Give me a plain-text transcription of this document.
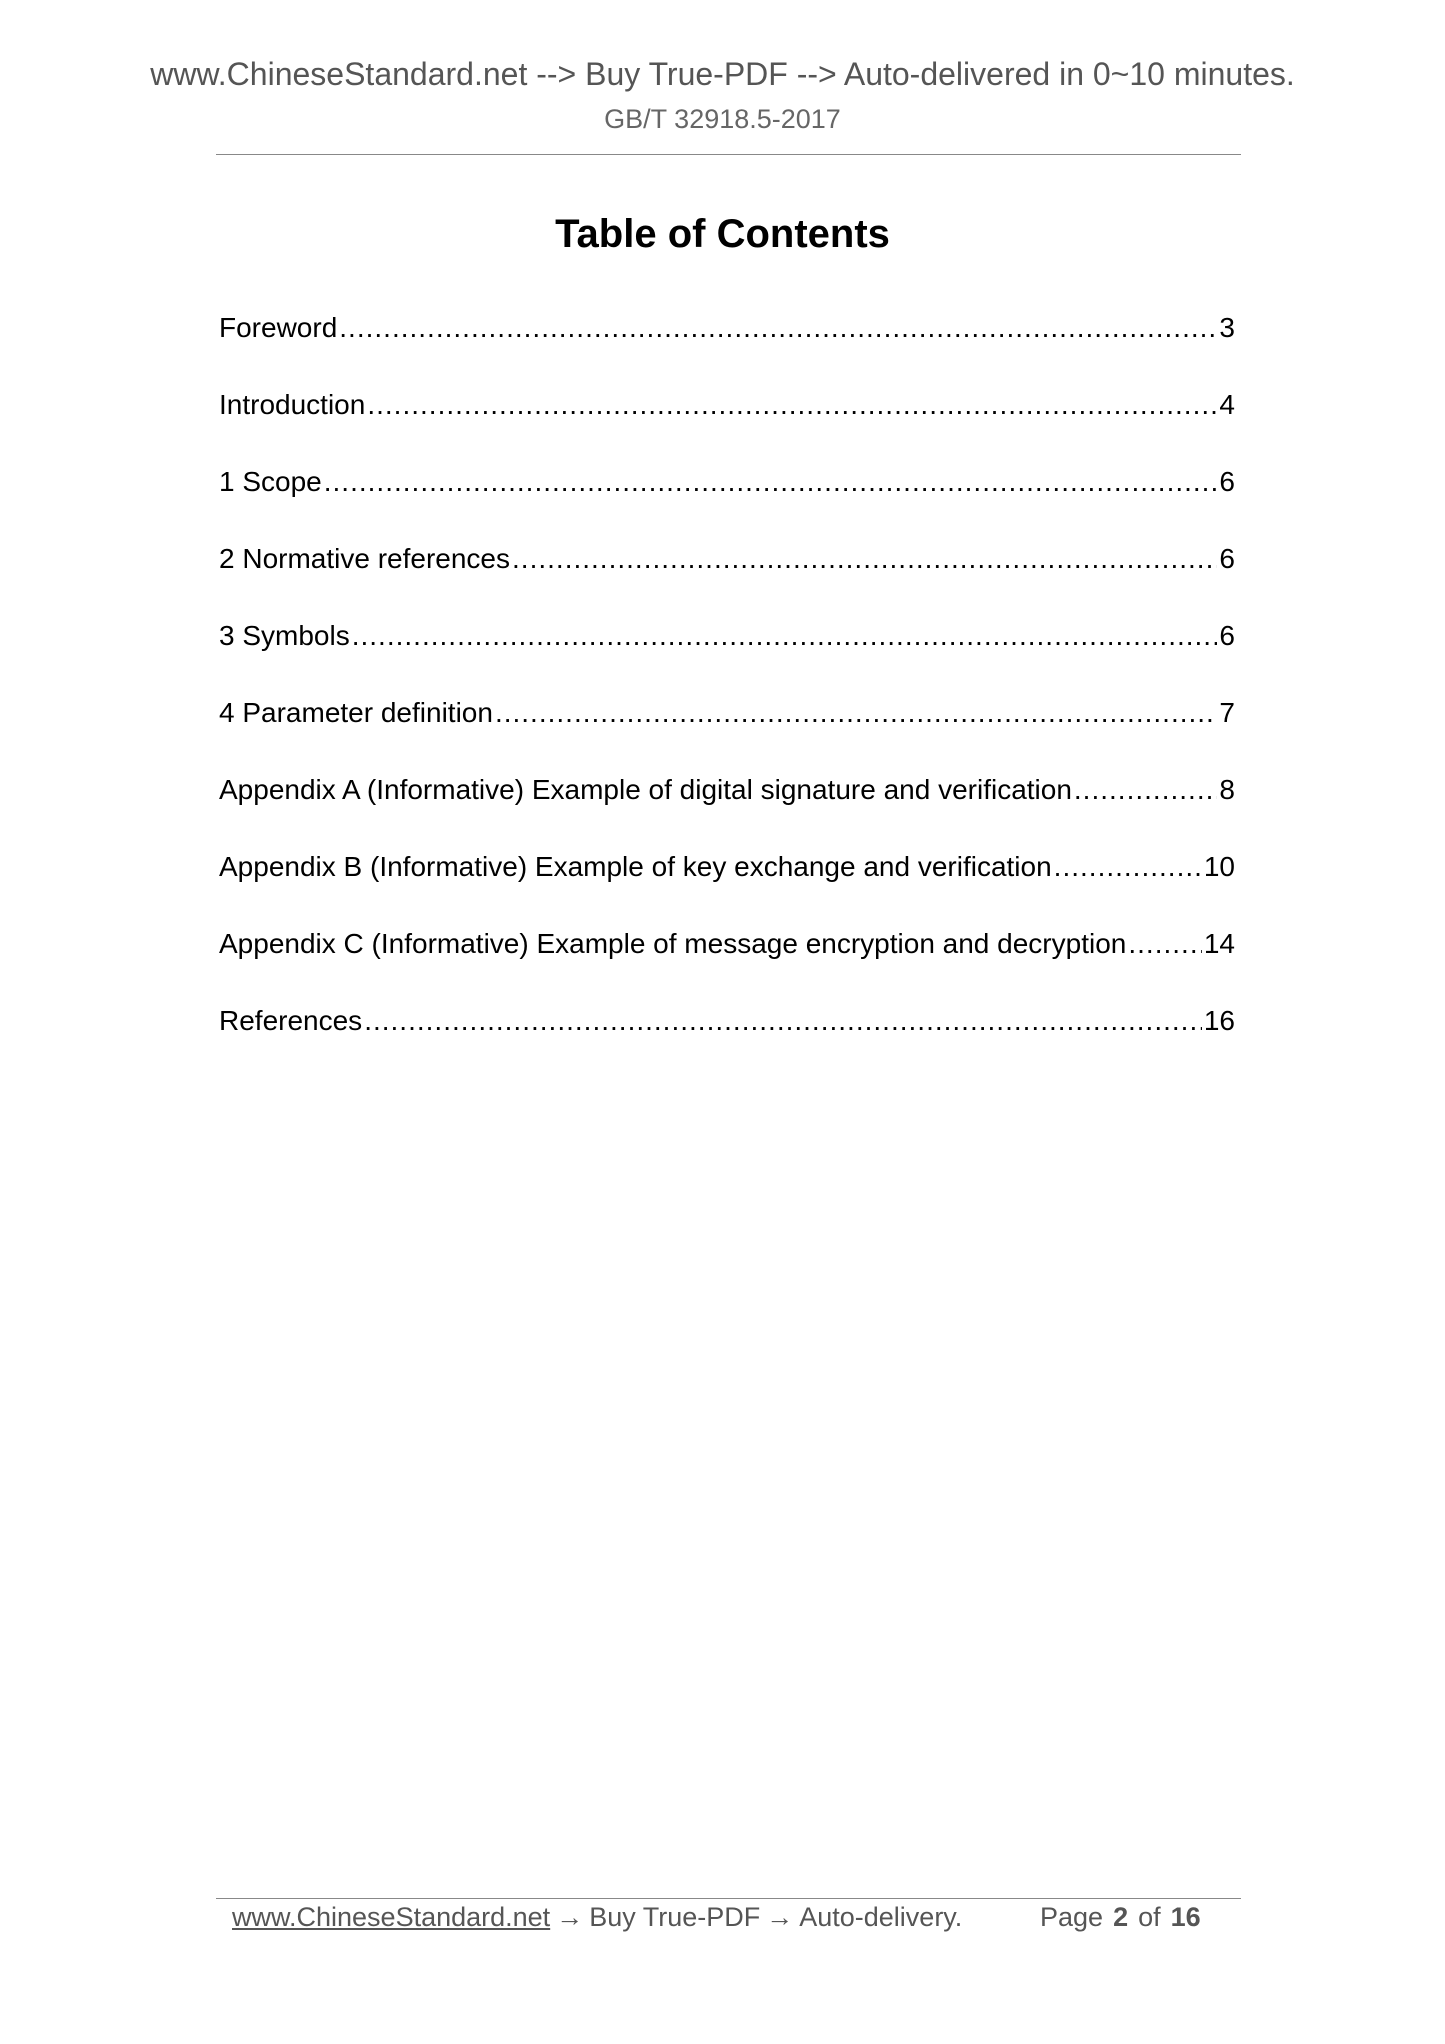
www.ChineseStandard.net --> Buy True-PDF --> Auto-delivered in 0~10 minutes.
GB/T 32918.5-2017
Table of Contents
Foreword .....	3
Introduction .....	4
1 Scope .....	6
2 Normative references .....	6
3 Symbols .....	6
4 Parameter definition .....	7
Appendix A (Informative) Example of digital signature and verification .....	8
Appendix B (Informative) Example of key exchange and verification .....	10
Appendix C (Informative) Example of message encryption and decryption .....	14
References .....	16
www.ChineseStandard.net → Buy True-PDF → Auto-delivery.	Page 2 of 16
